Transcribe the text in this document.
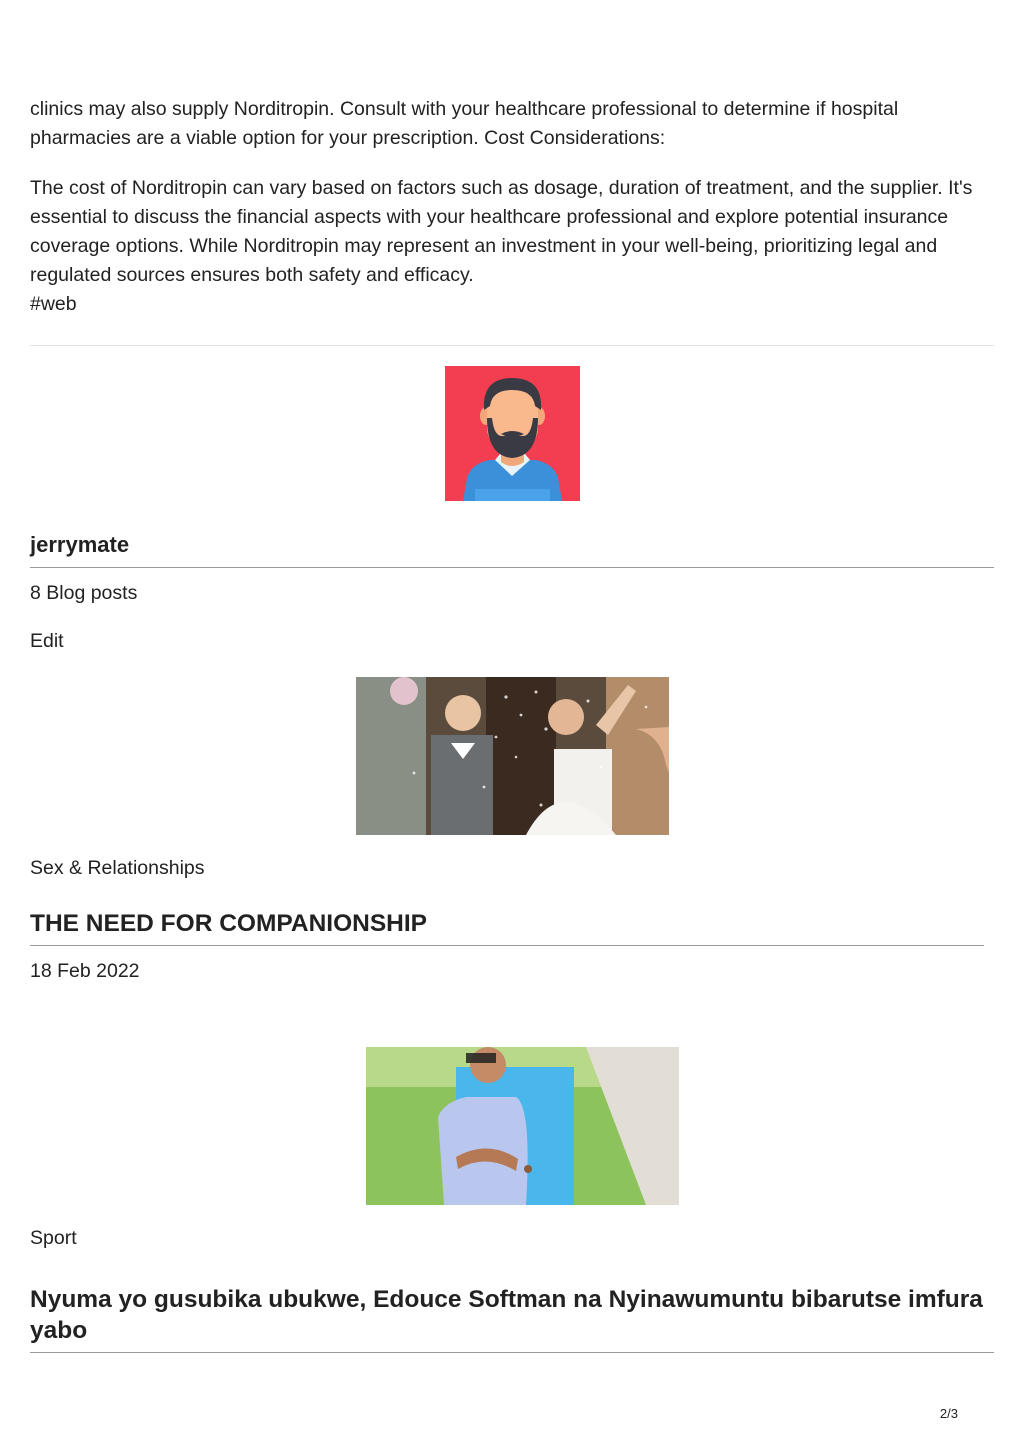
clinics may also supply Norditropin. Consult with your healthcare professional to determine if hospital pharmacies are a viable option for your prescription. Cost Considerations:

The cost of Norditropin can vary based on factors such as dosage, duration of treatment, and the supplier. It's essential to discuss the financial aspects with your healthcare professional and explore potential insurance coverage options. While Norditropin may represent an investment in your well-being, prioritizing legal and regulated sources ensures both safety and efficacy.
#web

jerrymate

8 Blog posts

Edit

Sex & Relationships

THE NEED FOR COMPANIONSHIP

18 Feb 2022

Sport

Nyuma yo gusubika ubukwe, Edouce Softman na Nyinawumuntu bibarutse imfura yabo
2/3
